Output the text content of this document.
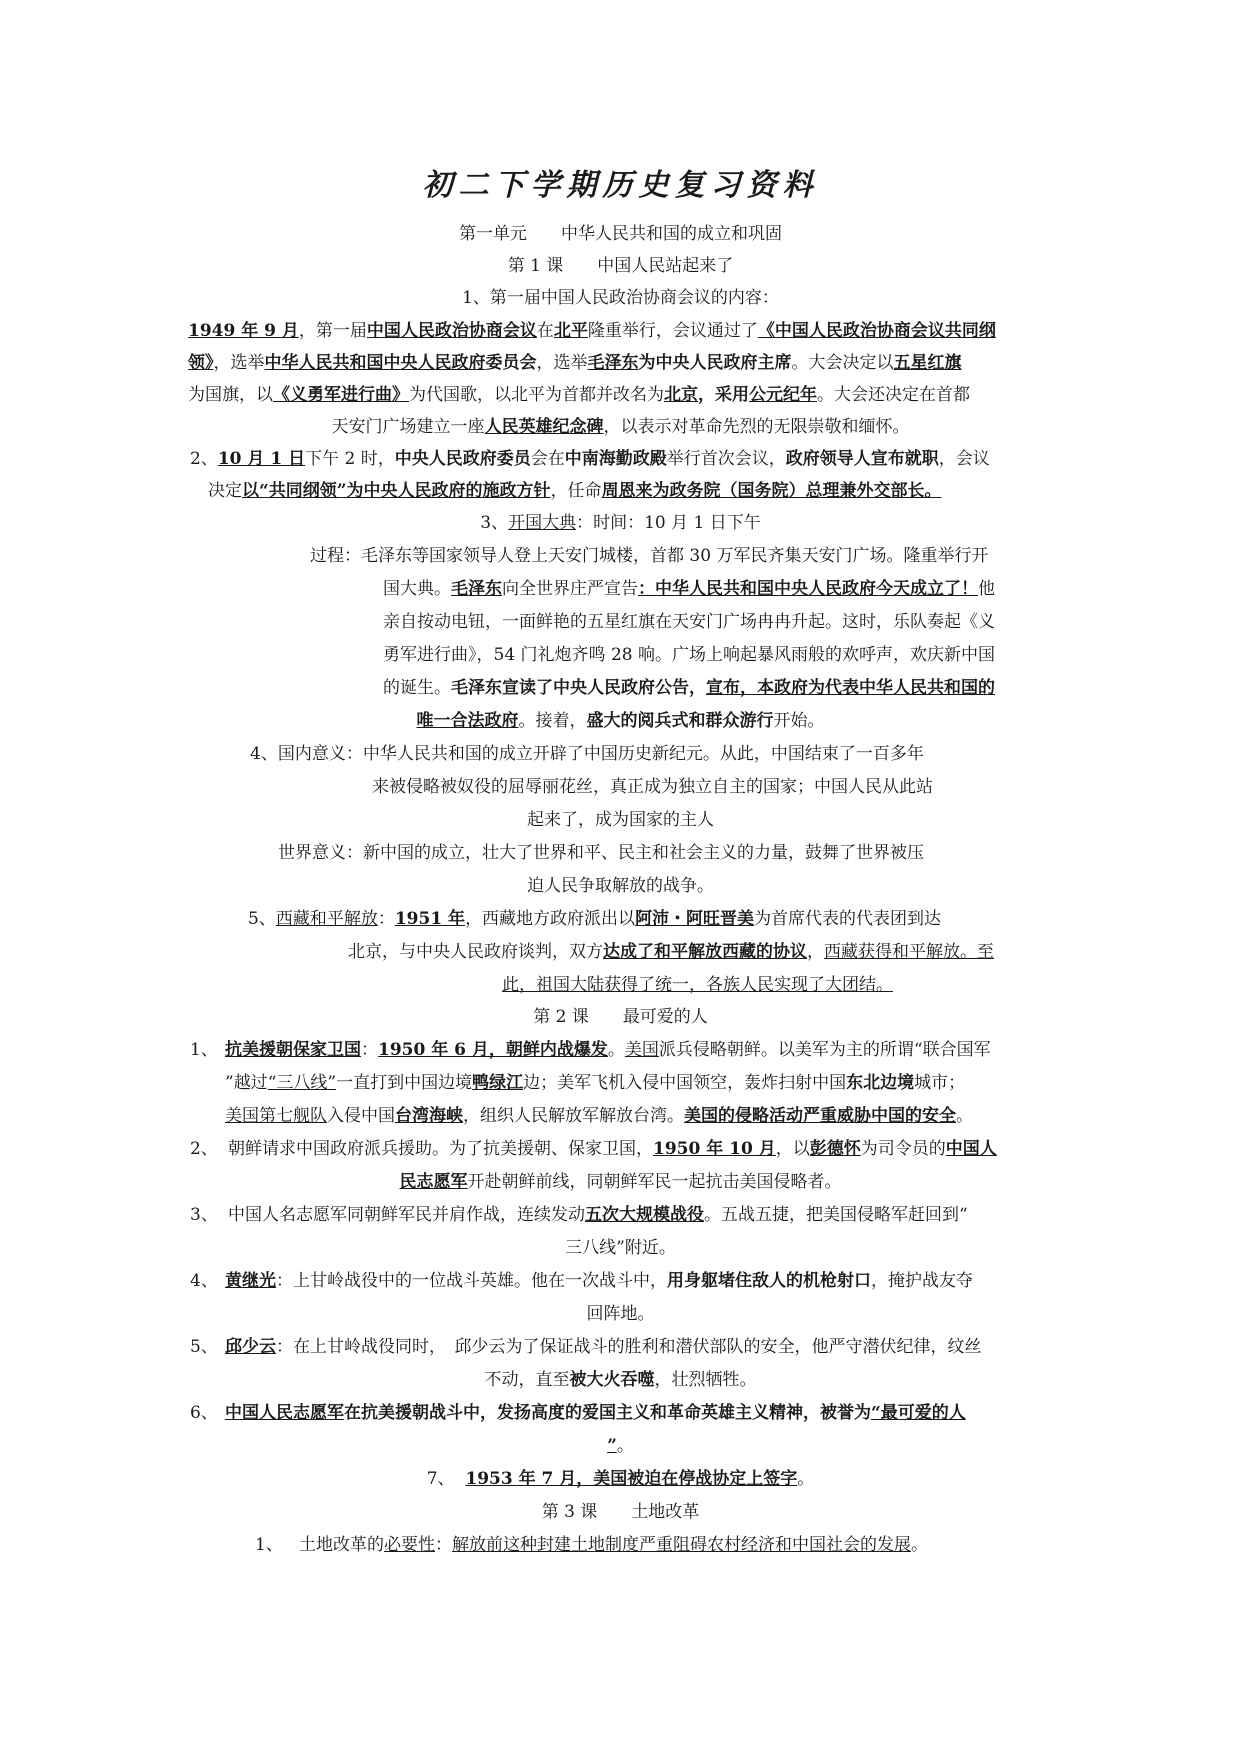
初二下学期历史复习资料
第一单元　　中华人民共和国的成立和巩固
第 1 课　　中国人民站起来了
1、第一届中国人民政治协商会议的内容：
1949 年 9 月，第一届中国人民政治协商会议在北平隆重举行，会议通过了《中国人民政治协商会议共同纲
领》，选举中华人民共和国中央人民政府委员会，选举毛泽东为中央人民政府主席。大会决定以五星红旗
为国旗，以《义勇军进行曲》为代国歌，以北平为首都并改名为北京，采用公元纪年。大会还决定在首都
天安门广场建立一座人民英雄纪念碑，以表示对革命先烈的无限崇敬和缅怀。
2、10 月 1 日下午 2 时，中央人民政府委员会在中南海勤政殿举行首次会议，政府领导人宣布就职，会议
决定以“共同纲领”为中央人民政府的施政方针，任命周恩来为政务院（国务院）总理兼外交部长。
3、开国大典：时间：10 月 1 日下午
过程：毛泽东等国家领导人登上天安门城楼，首都 30 万军民齐集天安门广场。隆重举行开
国大典。毛泽东向全世界庄严宣告：中华人民共和国中央人民政府今天成立了！他
亲自按动电钮，一面鲜艳的五星红旗在天安门广场冉冉升起。这时，乐队奏起《义
勇军进行曲》，54 门礼炮齐鸣 28 响。广场上响起暴风雨般的欢呼声，欢庆新中国
的诞生。毛泽东宣读了中央人民政府公告，宣布，本政府为代表中华人民共和国的
唯一合法政府。接着，盛大的阅兵式和群众游行开始。
4、国内意义：中华人民共和国的成立开辟了中国历史新纪元。从此，中国结束了一百多年
来被侵略被奴役的屈辱丽花丝，真正成为独立自主的国家；中国人民从此站
起来了，成为国家的主人
世界意义：新中国的成立，壮大了世界和平、民主和社会主义的力量，鼓舞了世界被压
迫人民争取解放的战争。
5、西藏和平解放：1951 年，西藏地方政府派出以阿沛・阿旺晋美为首席代表的代表团到达
北京，与中央人民政府谈判，双方达成了和平解放西藏的协议，西藏获得和平解放。至
此，祖国大陆获得了统一，各族人民实现了大团结。
第 2 课　　最可爱的人
1、 抗美援朝保家卫国：1950 年 6 月，朝鲜内战爆发。美国派兵侵略朝鲜。以美军为主的所谓“联合国军
”越过“三八线”一直打到中国边境鸭绿江边；美军飞机入侵中国领空，轰炸扫射中国东北边境城市；
美国第七舰队入侵中国台湾海峡，组织人民解放军解放台湾。美国的侵略活动严重威胁中国的安全。
2、 朝鲜请求中国政府派兵援助。为了抗美援朝、保家卫国，1950 年 10 月，以彭德怀为司令员的中国人
民志愿军开赴朝鲜前线，同朝鲜军民一起抗击美国侵略者。
3、 中国人名志愿军同朝鲜军民并肩作战，连续发动五次大规模战役。五战五捷，把美国侵略军赶回到“
三八线”附近。
4、 黄继光：上甘岭战役中的一位战斗英雄。他在一次战斗中，用身躯堵住敌人的机枪射口，掩护战友夺
回阵地。
5、 邱少云：在上甘岭战役同时，　邱少云为了保证战斗的胜利和潜伏部队的安全，他严守潜伏纪律，纹丝
不动，直至被大火吞噬，壮烈牺牲。
6、 中国人民志愿军在抗美援朝战斗中，发扬高度的爱国主义和革命英雄主义精神，被誉为“最可爱的人
”。
7、 1953 年 7 月，美国被迫在停战协定上签字。
第 3 课　　土地改革
1、 土地改革的必要性：解放前这种封建土地制度严重阻碍农村经济和中国社会的发展。
